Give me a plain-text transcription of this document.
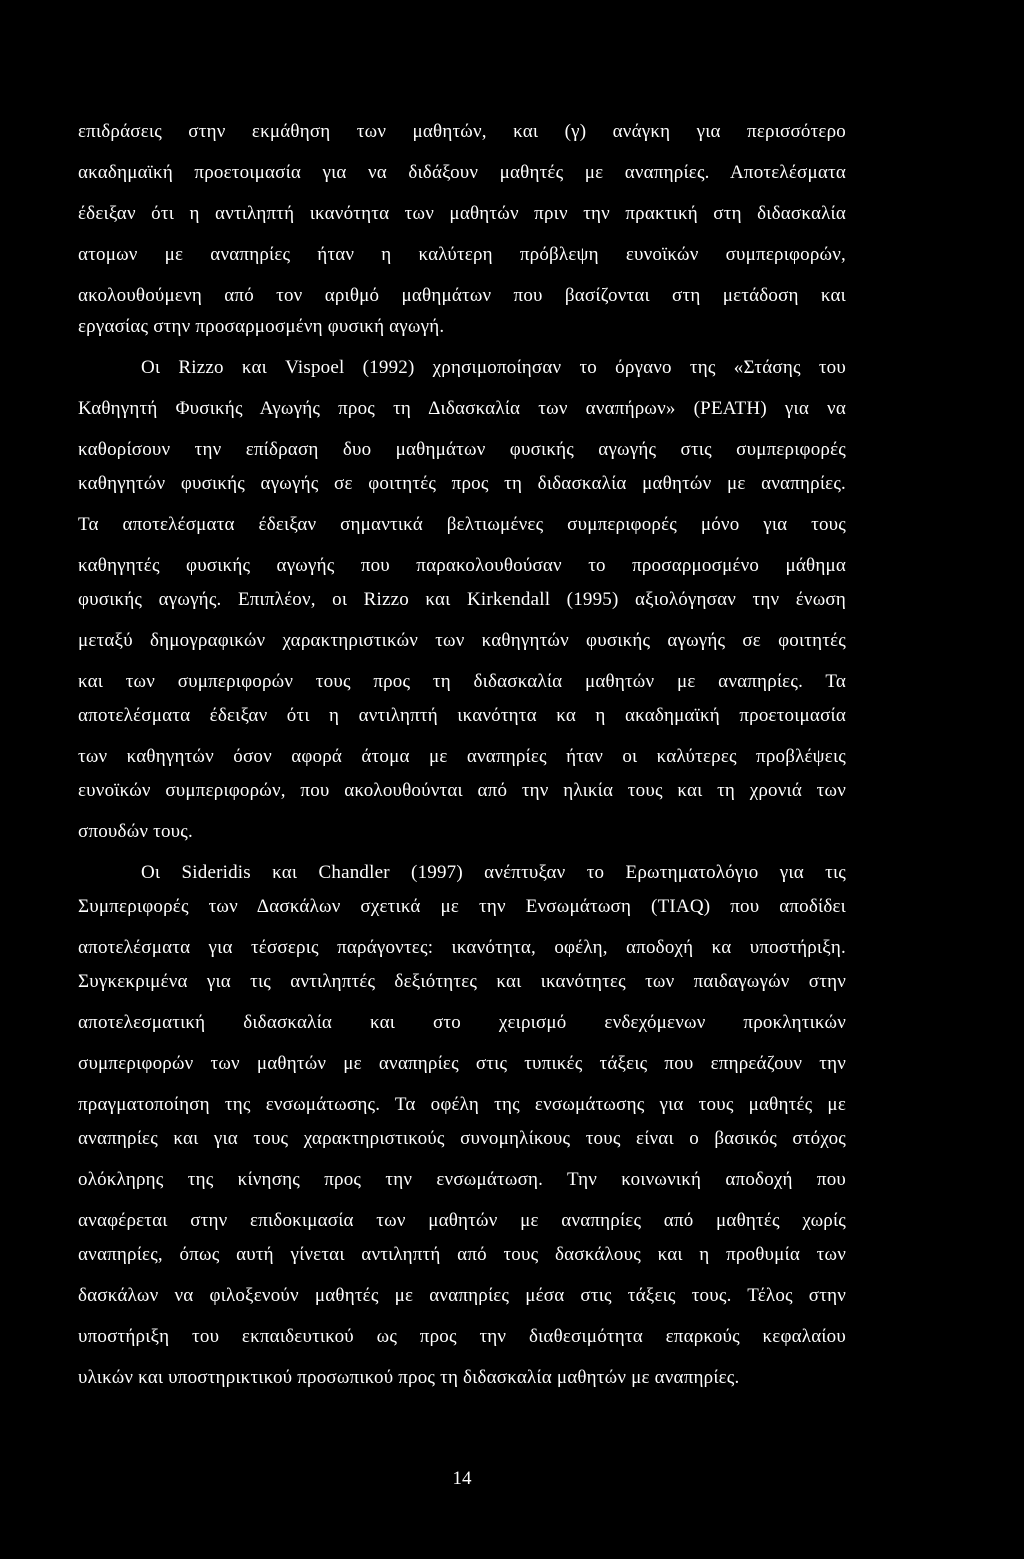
επιδράσεις στην εκμάθηση των μαθητών, και (γ) ανάγκη για περισσότερο
ακαδημαϊκή προετοιμασία για να διδάξουν μαθητές με αναπηρίες. Αποτελέσματα
έδειξαν ότι η αντιληπτή ικανότητα των μαθητών πριν την πρακτική στη διδασκαλία
ατομων με αναπηρίες ήταν η καλύτερη πρόβλεψη ευνοϊκών συμπεριφορών,
ακολουθούμενη από τον αριθμό μαθημάτων που βασίζονται στη μετάδοση και
εργασίας στην προσαρμοσμένη φυσική αγωγή.
Οι Rizzo και Vispoel (1992) χρησιμοποίησαν το όργανο της «Στάσης του
Καθηγητή Φυσικής Αγωγής προς τη Διδασκαλία των αναπήρων» (ΡΕΑΤΗ) για να
καθορίσουν την επίδραση δυο μαθημάτων φυσικής αγωγής στις συμπεριφορές
καθηγητών φυσικής αγωγής σε φοιτητές προς τη διδασκαλία μαθητών με αναπηρίες.
Τα αποτελέσματα έδειξαν σημαντικά βελτιωμένες συμπεριφορές μόνο για τους
καθηγητές φυσικής αγωγής που παρακολουθούσαν το προσαρμοσμένο μάθημα
φυσικής αγωγής. Επιπλέον, οι Rizzo και Kirkendall (1995) αξιολόγησαν την ένωση
μεταξύ δημογραφικών χαρακτηριστικών των καθηγητών φυσικής αγωγής σε φοιτητές
και των συμπεριφορών τους προς τη διδασκαλία μαθητών με αναπηρίες. Τα
αποτελέσματα έδειξαν ότι η αντιληπτή ικανότητα κα η ακαδημαϊκή προετοιμασία
των καθηγητών όσον αφορά άτομα με αναπηρίες ήταν οι καλύτερες προβλέψεις
ευνοϊκών συμπεριφορών, που ακολουθούνται από την ηλικία τους και τη χρονιά των
σπουδών τους.
Οι Sideridis και Chandler (1997) ανέπτυξαν το Ερωτηματολόγιο για τις
Συμπεριφορές των Δασκάλων σχετικά με την Ενσωμάτωση (TIAQ) που αποδίδει
αποτελέσματα για τέσσερις παράγοντες: ικανότητα, οφέλη, αποδοχή κα υποστήριξη.
Συγκεκριμένα για τις αντιληπτές δεξιότητες και ικανότητες των παιδαγωγών στην
αποτελεσματική διδασκαλία και στο χειρισμό ενδεχόμενων προκλητικών
συμπεριφορών των μαθητών με αναπηρίες στις τυπικές τάξεις που επηρεάζουν την
πραγματοποίηση της ενσωμάτωσης. Τα οφέλη της ενσωμάτωσης για τους μαθητές με
αναπηρίες και για τους χαρακτηριστικούς συνομηλίκους τους είναι ο βασικός στόχος
ολόκληρης της κίνησης προς την ενσωμάτωση. Την κοινωνική αποδοχή που
αναφέρεται στην επιδοκιμασία των μαθητών με αναπηρίες από μαθητές χωρίς
αναπηρίες, όπως αυτή γίνεται αντιληπτή από τους δασκάλους και η προθυμία των
δασκάλων να φιλοξενούν μαθητές με αναπηρίες μέσα στις τάξεις τους. Τέλος στην
υποστήριξη του εκπαιδευτικού ως προς την διαθεσιμότητα επαρκούς κεφαλαίου
υλικών και υποστηρικτικού προσωπικού προς τη διδασκαλία μαθητών με αναπηρίες.
14
